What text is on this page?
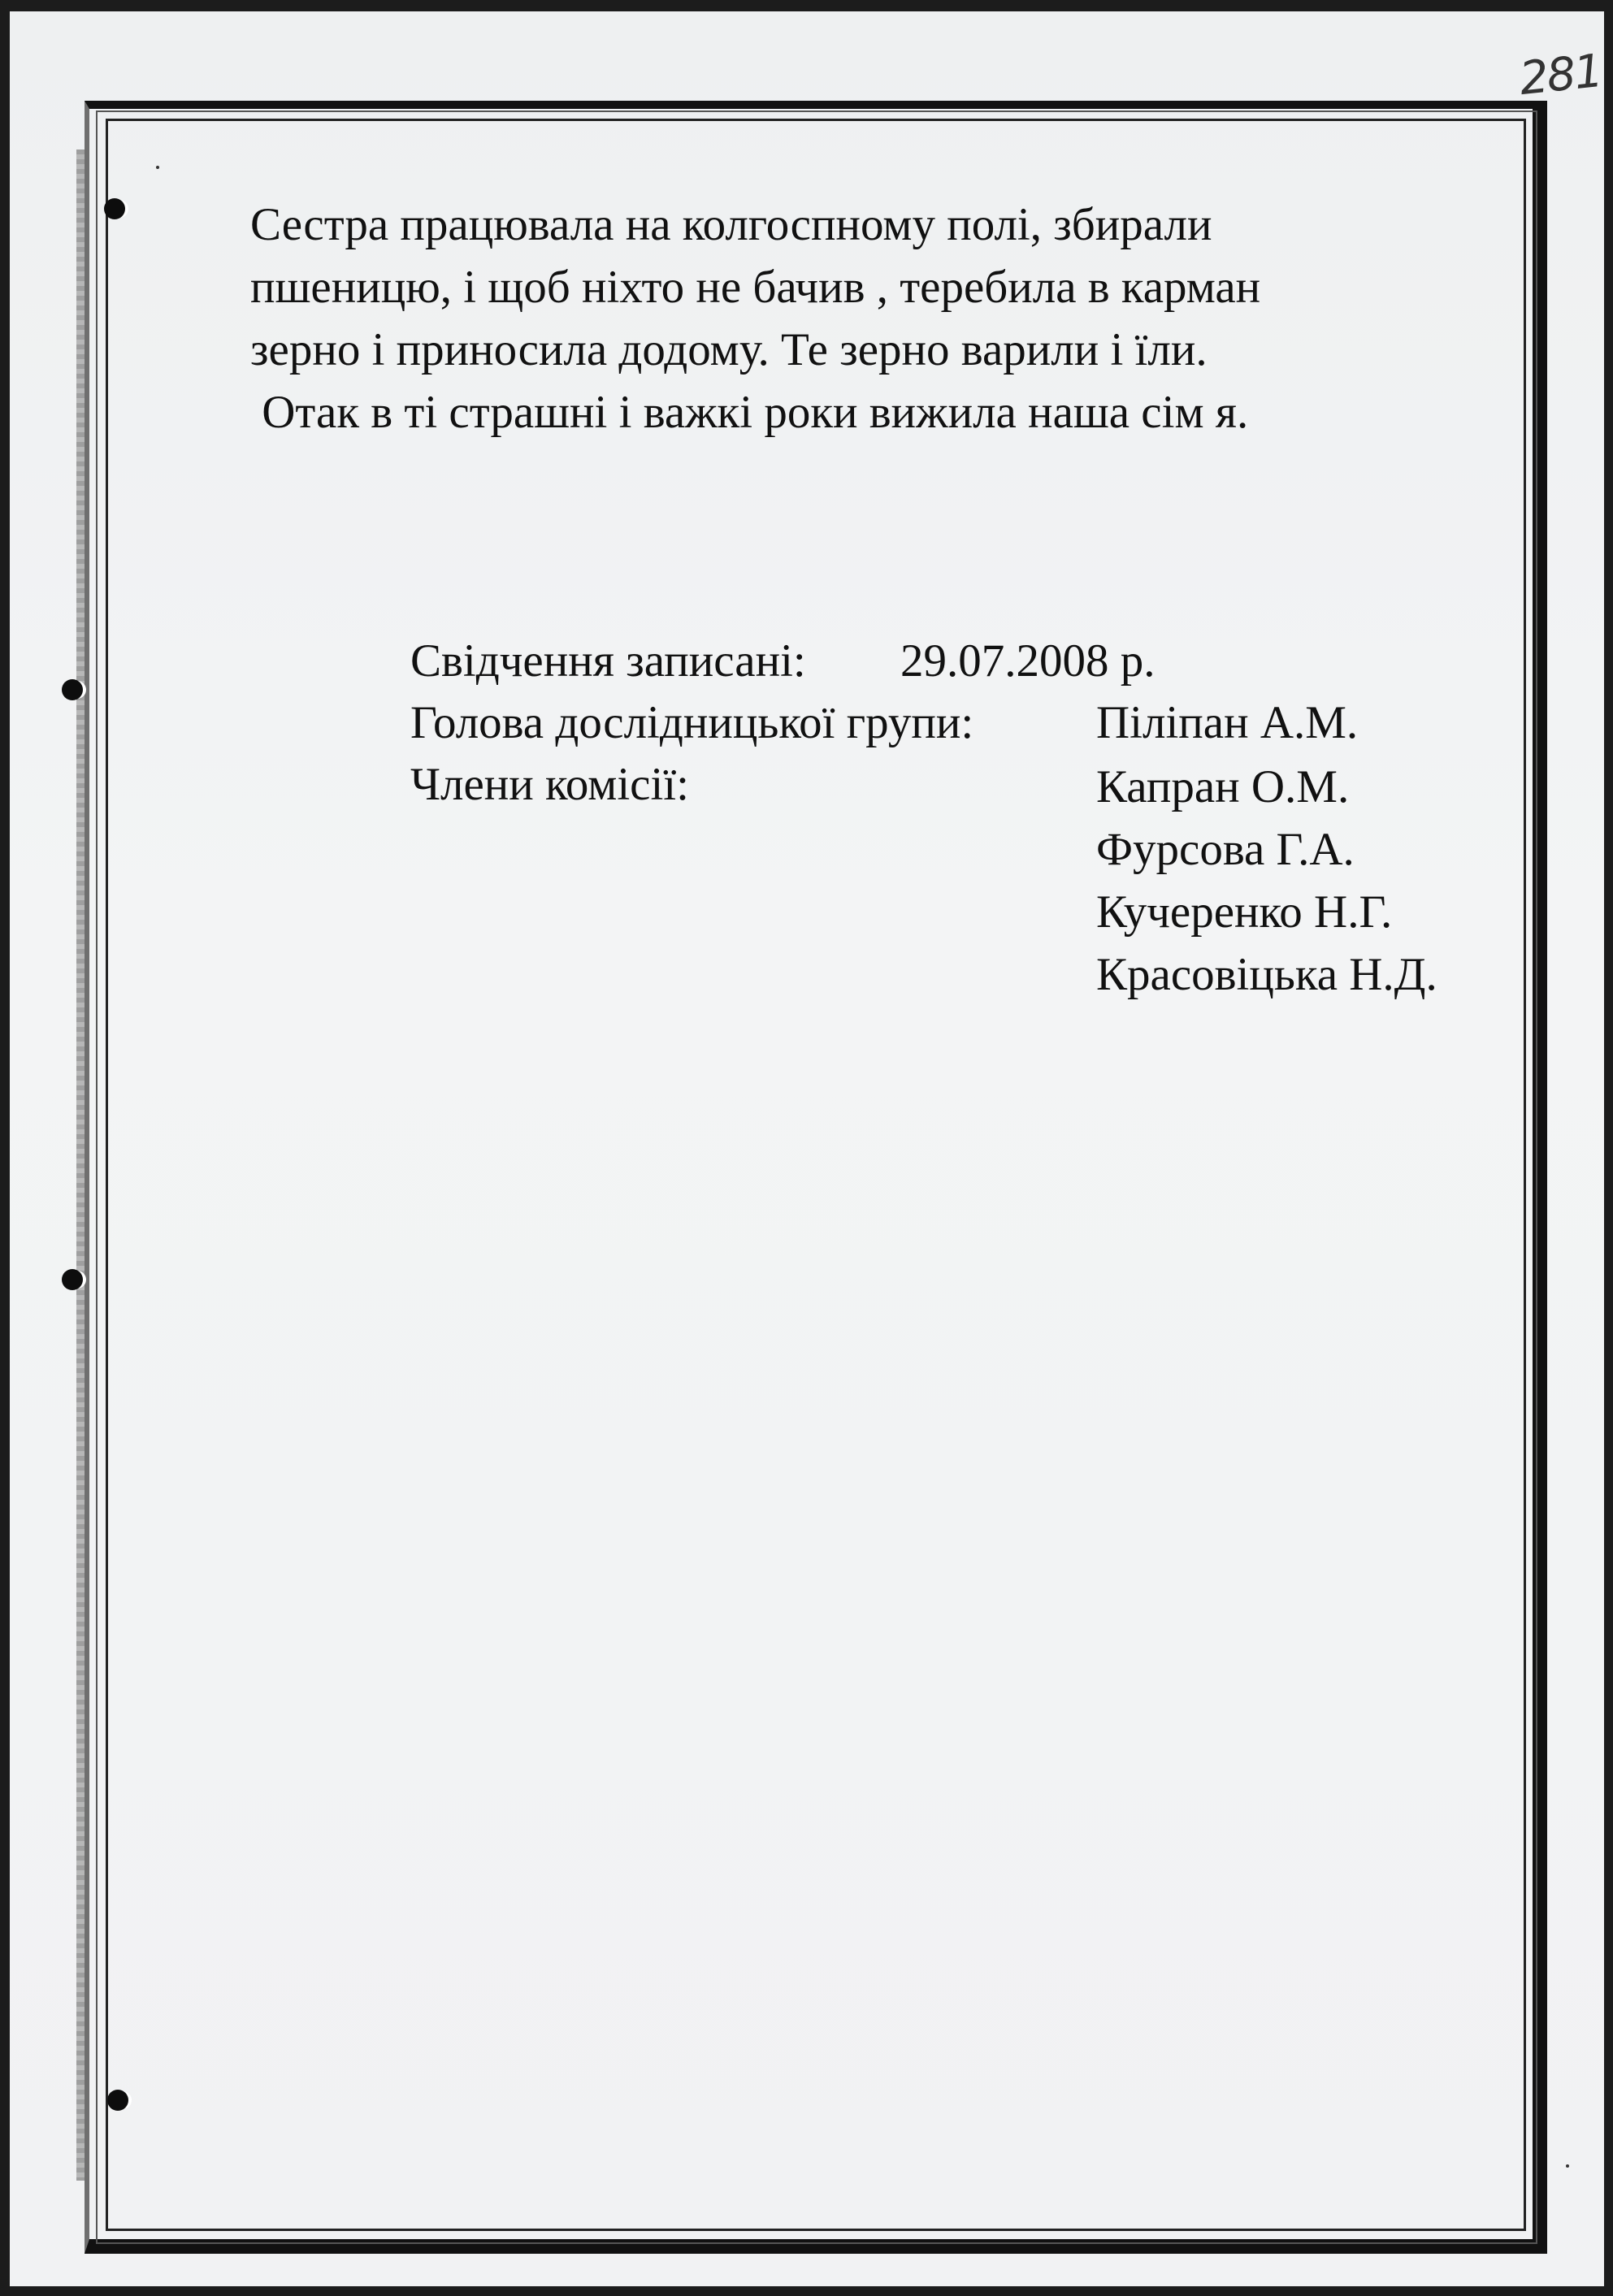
281

Сестра працювала на колгоспному полі, збирали

пшеницю, і щоб ніхто не бачив , теребила в карман

зерно і приносила додому. Те зерно варили і їли.

Отак в ті страшні і важкі роки вижила наша сім я.

Свідчення записані: 29.07.2008 р.
Голова дослідницької групи:	Піліпан А.М.
Члени комісії:	Капран О.М.
Фурсова Г.А.
Кучеренко Н.Г.
Красовіцька Н.Д.
